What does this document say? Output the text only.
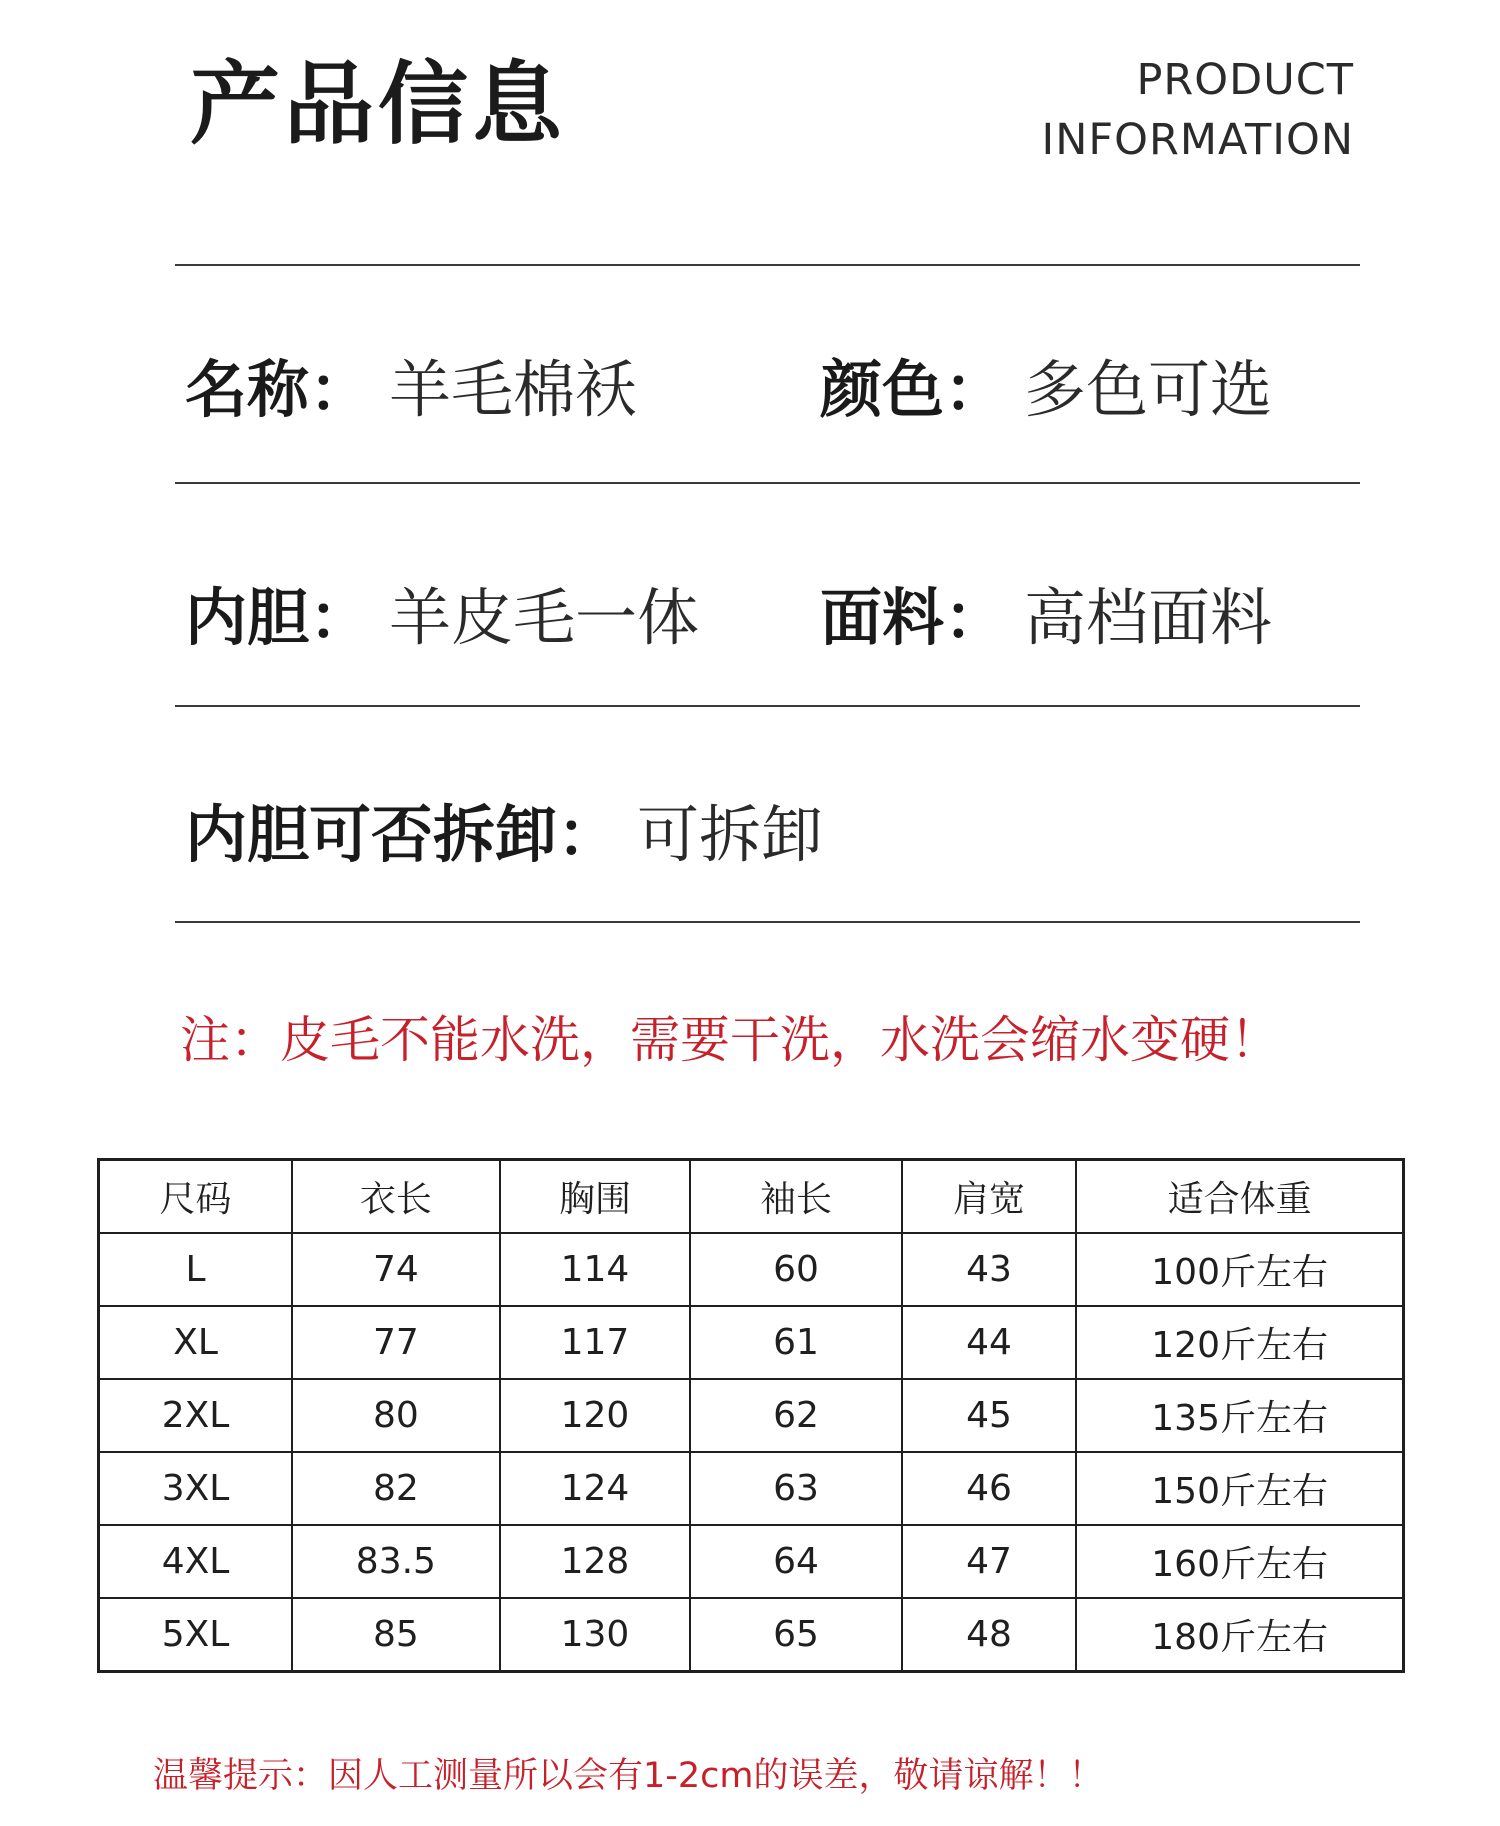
产品信息	PRODUCT
INFORMATION
名称： 羊毛棉袄	颜色： 多色可选
内胆： 羊皮毛一体 面料： 高档面料
内胆可否拆卸： 可拆卸
注：皮毛不能水洗，需要干洗，水洗会缩水变硬！
尺码	衣长	胸围	袖长	肩宽	适合体重
L	74	114	60	43	100斤左右
XL	77	117	61	44	120斤左右
2XL	80	120	62	45	135斤左右
3XL	82	124	63	46	150斤左右
4XL	83.5	128	64	47	160斤左右
5XL	85	130	65	48	180斤左右
温馨提示：因人工测量所以会有1-2cm的误差，敬请谅解！！
